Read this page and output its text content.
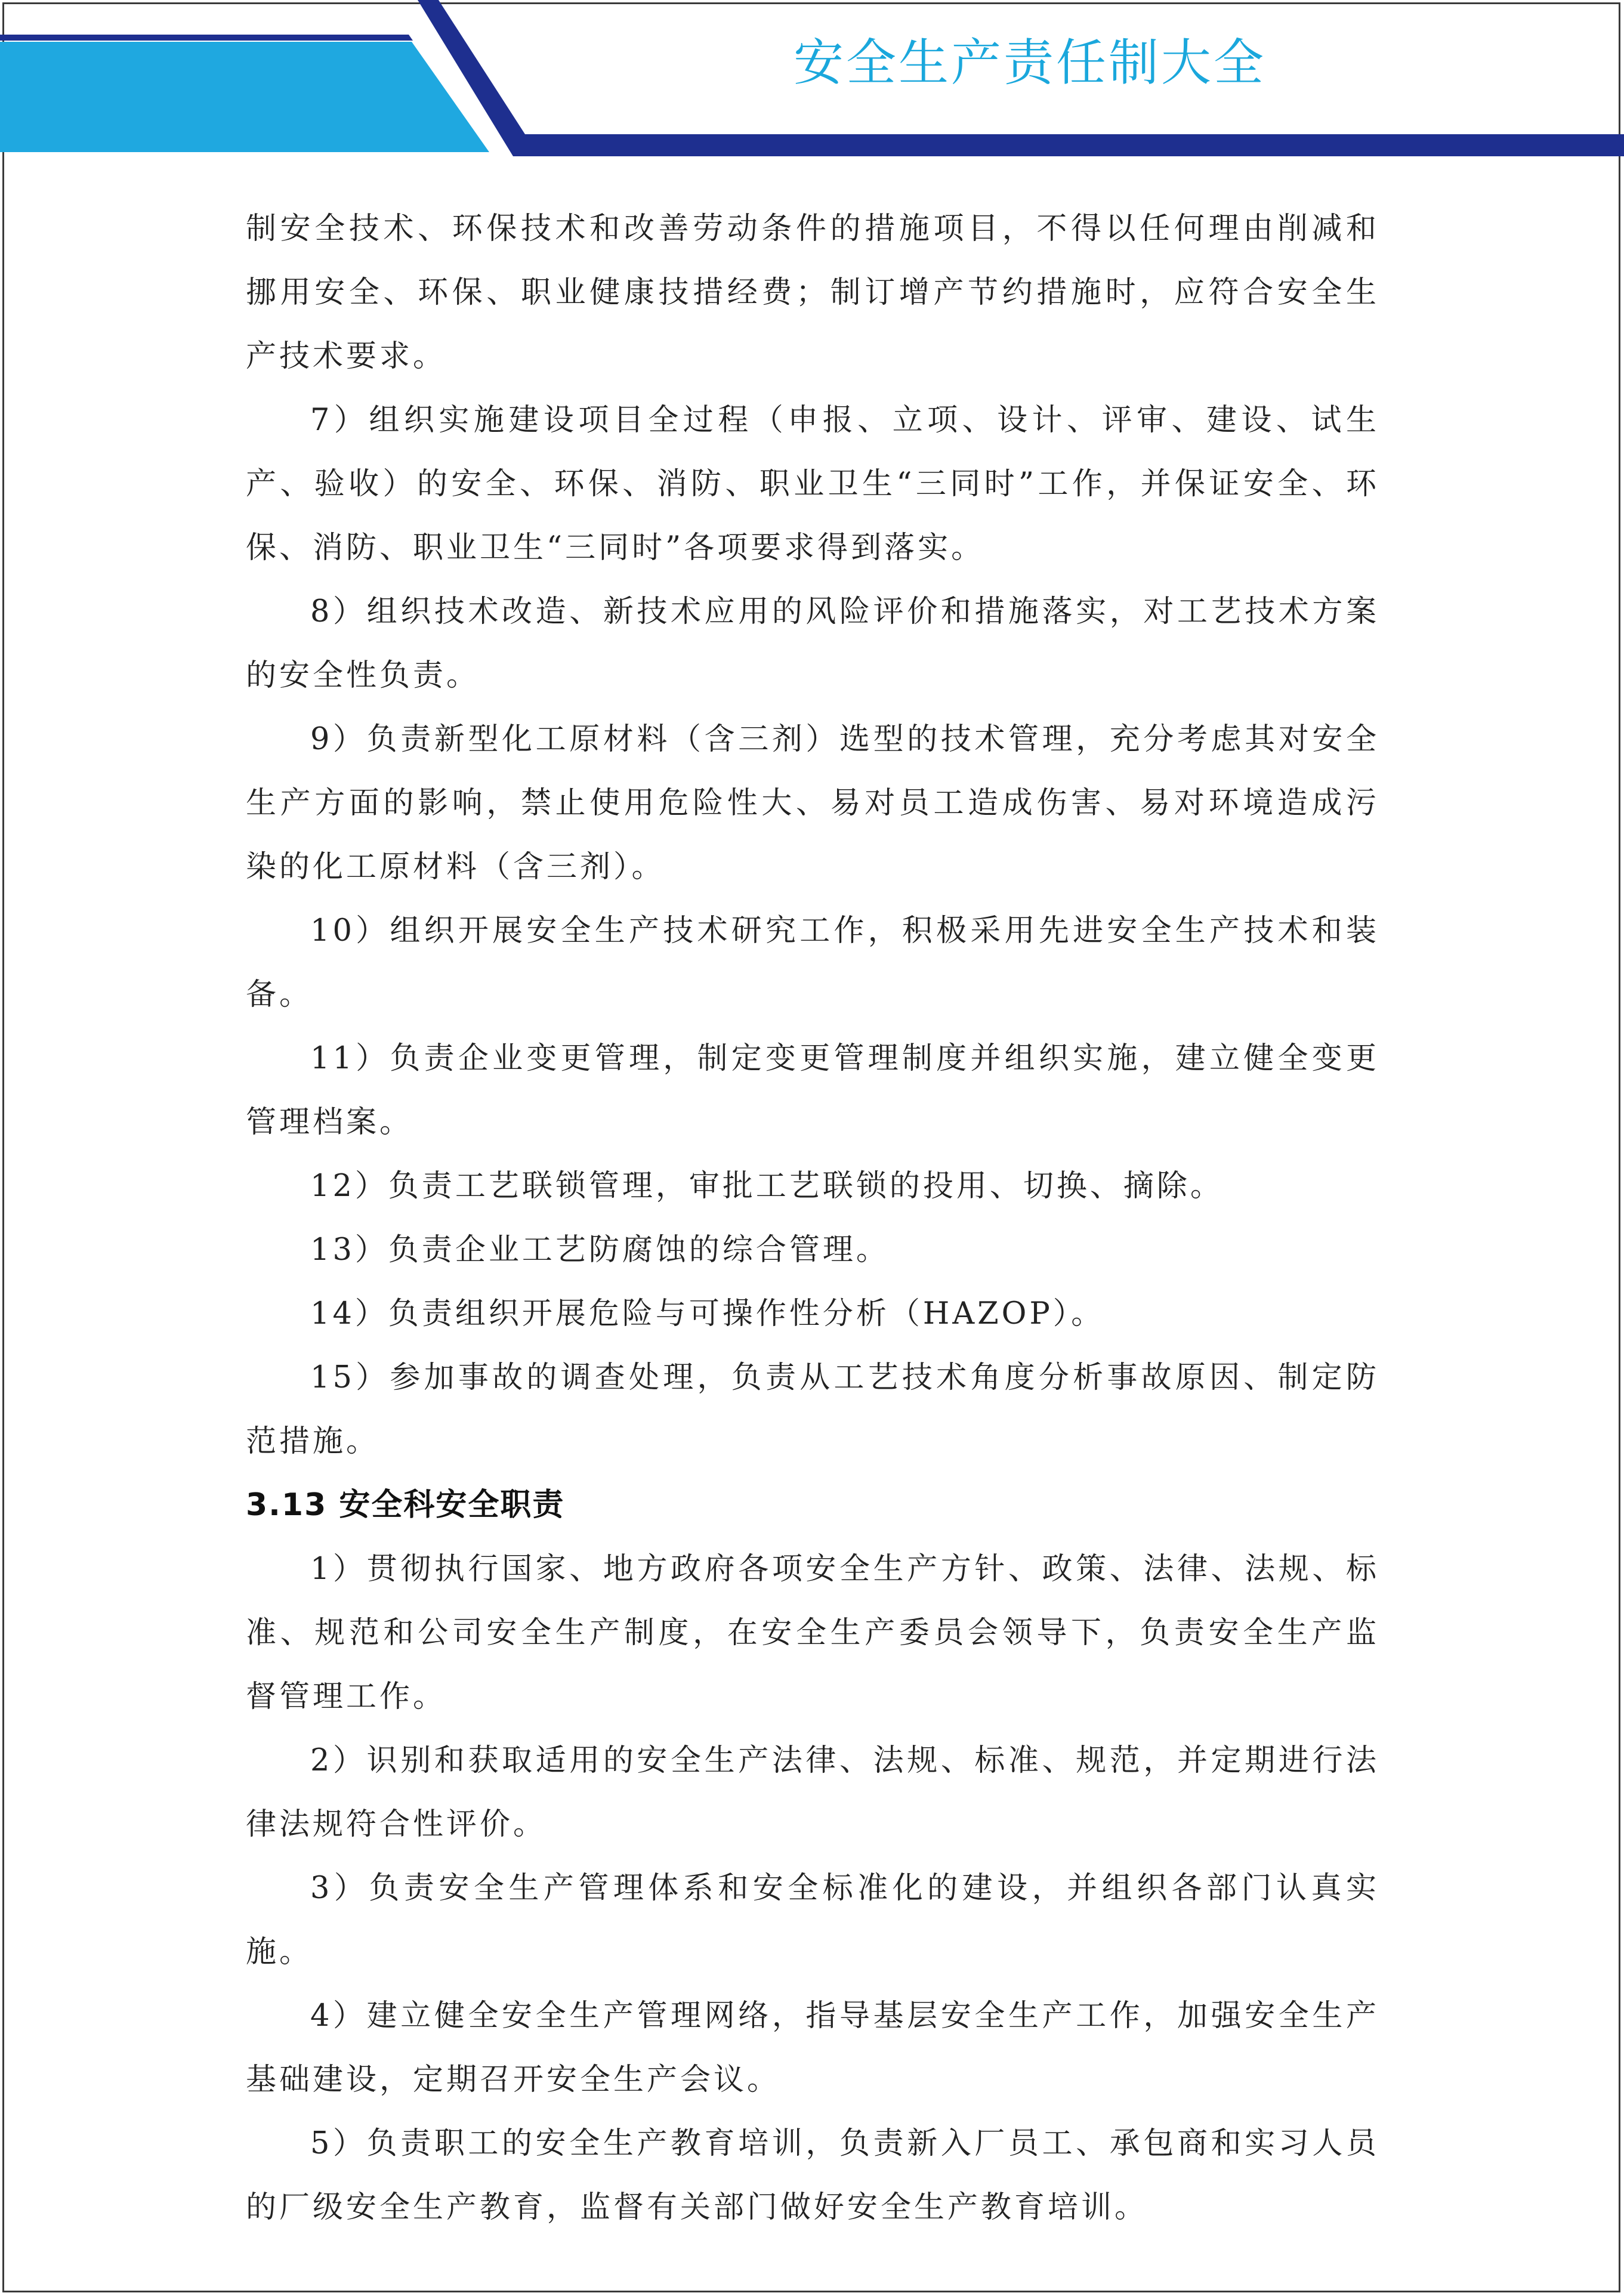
安全生产责任制大全

制安全技术、环保技术和改善劳动条件的措施项目，不得以任何理由削减和挪用安全、环保、职业健康技措经费；制订增产节约措施时，应符合安全生产技术要求。

7）组织实施建设项目全过程（申报、立项、设计、评审、建设、试生产、验收）的安全、环保、消防、职业卫生“三同时”工作，并保证安全、环保、消防、职业卫生“三同时”各项要求得到落实。

8）组织技术改造、新技术应用的风险评价和措施落实，对工艺技术方案的安全性负责。

9）负责新型化工原材料（含三剂）选型的技术管理，充分考虑其对安全生产方面的影响，禁止使用危险性大、易对员工造成伤害、易对环境造成污染的化工原材料（含三剂）。

10）组织开展安全生产技术研究工作，积极采用先进安全生产技术和装备。

11）负责企业变更管理，制定变更管理制度并组织实施，建立健全变更管理档案。

12）负责工艺联锁管理，审批工艺联锁的投用、切换、摘除。

13）负责企业工艺防腐蚀的综合管理。

14）负责组织开展危险与可操作性分析（HAZOP）。

15）参加事故的调查处理，负责从工艺技术角度分析事故原因、制定防范措施。

3.13 安全科安全职责

1）贯彻执行国家、地方政府各项安全生产方针、政策、法律、法规、标准、规范和公司安全生产制度，在安全生产委员会领导下，负责安全生产监督管理工作。

2）识别和获取适用的安全生产法律、法规、标准、规范，并定期进行法律法规符合性评价。

3）负责安全生产管理体系和安全标准化的建设，并组织各部门认真实施。

4）建立健全安全生产管理网络，指导基层安全生产工作，加强安全生产基础建设，定期召开安全生产会议。

5）负责职工的安全生产教育培训，负责新入厂员工、承包商和实习人员的厂级安全生产教育，监督有关部门做好安全生产教育培训。
